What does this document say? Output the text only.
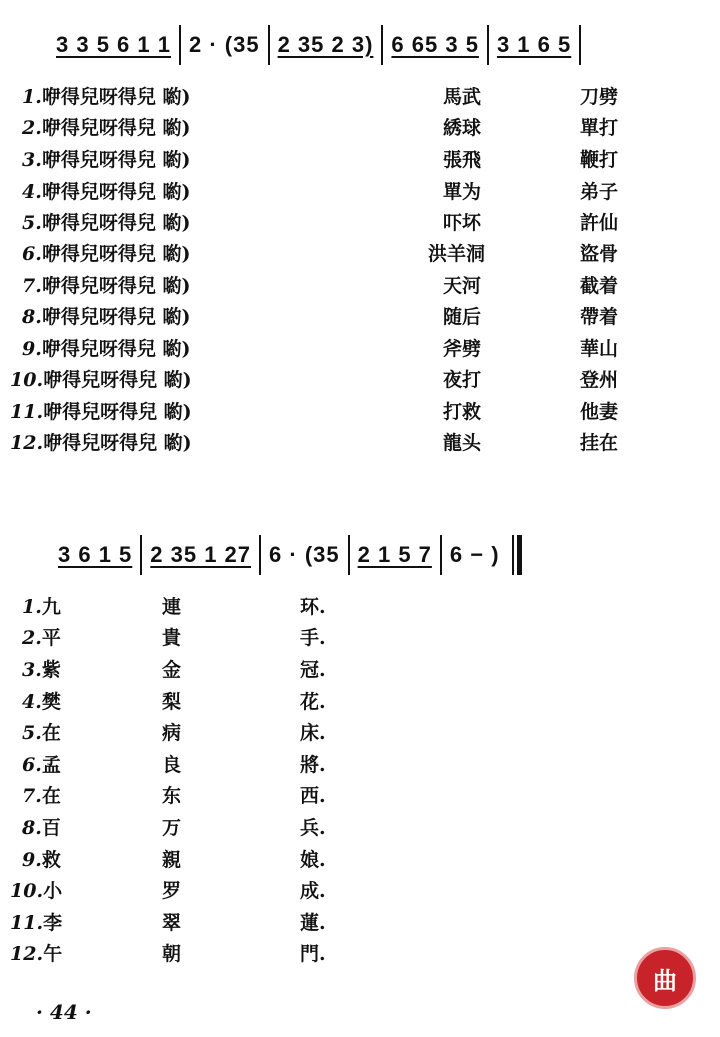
3 3 5 6 1 1 2 · (35 2 35 2 3) 6 65 3 5 3 1 6 5
1.咿得兒呀得兒 喲)	馬武	刀劈
2.咿得兒呀得兒 喲)	綉球	單打
3.咿得兒呀得兒 喲)	張飛	鞭打
4.咿得兒呀得兒 喲)	單为	弟子
5.咿得兒呀得兒 喲)	吓坏	許仙
6.咿得兒呀得兒 喲)	洪羊洞	盜骨
7.咿得兒呀得兒 喲)	天河	截着
8.咿得兒呀得兒 喲)	随后	帶着
9.咿得兒呀得兒 喲)	斧劈	華山
10.咿得兒呀得兒 喲)	夜打	登州
11.咿得兒呀得兒 喲)	打救	他妻
12.咿得兒呀得兒 喲)	龍头	挂在
3 6 1 5 2 35 1 27 6 · (35 2 1 5 7 6 − )
1.九	連	环.
2.平	貴	手.
3.紫	金	冠.
4.樊	梨	花.
5.在	病	床.
6.孟	良	將.
7.在	东	西.
8.百	万	兵.
9.救	親	娘.
10.小	罗	成.
11.李	翠	蓮.
12.午	朝	門.
· 44 ·
曲
